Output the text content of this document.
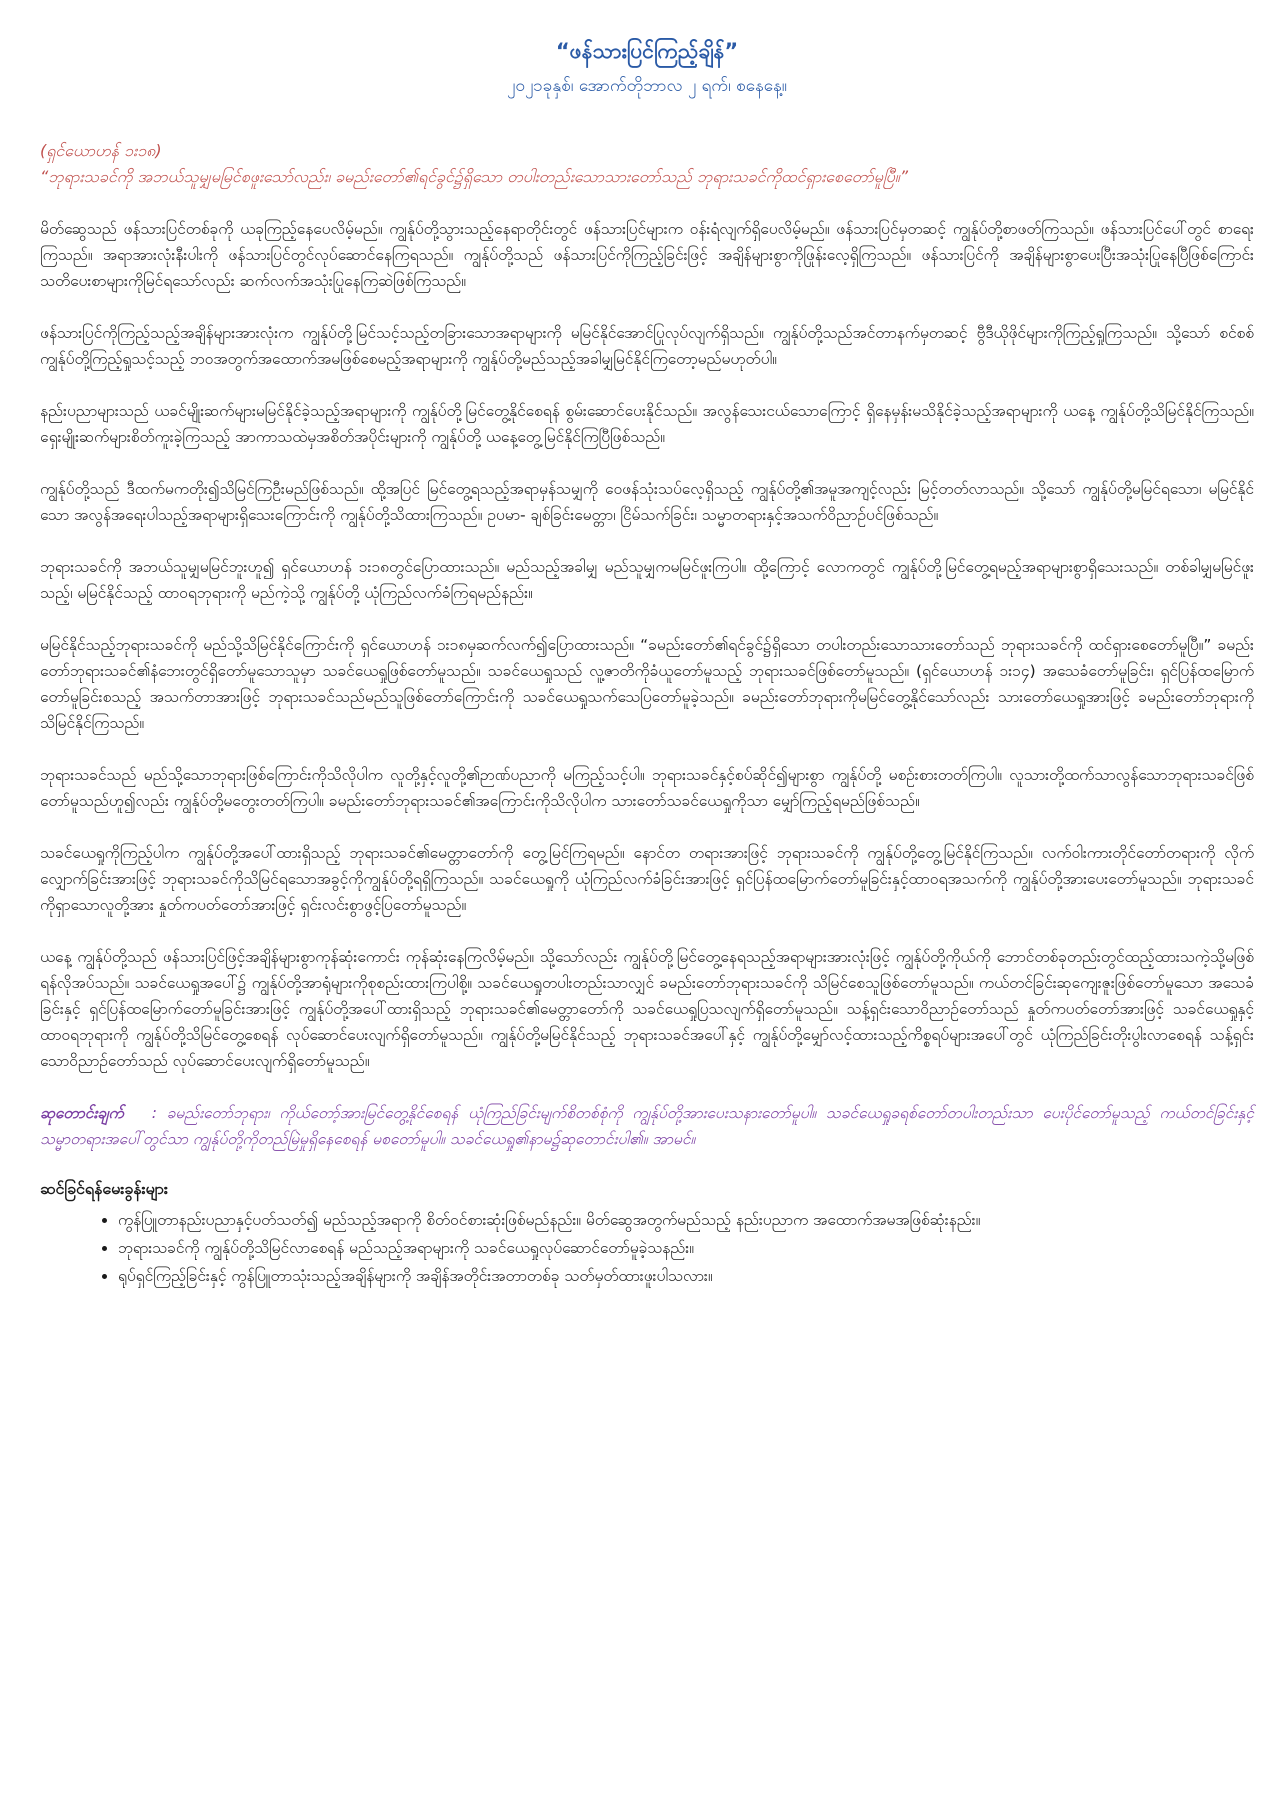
“ဖန်သားပြင်ကြည့်ချိန်”

၂၀၂၁ခုနှစ်၊ အောက်တိုဘာလ ၂ ရက်၊ စနေနေ့။

(ရှင်ယောဟန် ၁း၁၈)

“ဘုရားသခင်ကို အဘယ်သူမျှမမြင်စဖူးသော်လည်း၊ ခမည်းတော်၏ရင်ခွင်၌ရှိသော တပါးတည်းသောသားတော်သည် ဘုရားသခင်ကိုထင်ရှားစေတော်မူပြီ။”

မိတ်ဆွေသည် ဖန်သားပြင်တစ်ခုကို ယခုကြည့်နေပေလိမ့်မည်။ ကျွန်ုပ်တို့သွားသည့်နေရာတိုင်းတွင် ဖန်သားပြင်များက ဝန်းရံလျက်ရှိပေလိမ့်မည်။ ဖန်သားပြင်မှတဆင့် ကျွန်ုပ်တို့စာဖတ်ကြသည်။ ဖန်သားပြင်ပေါ်တွင် စာရေးကြသည်။ အရာအားလုံးနီးပါးကို ဖန်သားပြင်တွင်လုပ်ဆောင်နေကြရသည်။ ကျွန်ုပ်တို့သည် ဖန်သားပြင်ကိုကြည့်ခြင်းဖြင့် အချိန်များစွာကိုဖြုန်းလေ့ရှိကြသည်။ ဖန်သားပြင်ကို အချိန်များစွာပေးပြီးအသုံးပြုနေပြီဖြစ်ကြောင်း သတိပေးစာများကိုမြင်ရသော်လည်း ဆက်လက်အသုံးပြုနေကြဆဲဖြစ်ကြသည်။

ဖန်သားပြင်ကိုကြည့်သည့်အချိန်များအားလုံးက ကျွန်ုပ်တို့မြင်သင့်သည့်တခြားသောအရာများကို မမြင်နိုင်အောင်ပြုလုပ်လျက်ရှိသည်။ ကျွန်ုပ်တို့သည်အင်တာနက်မှတဆင့် ဗွီဒီယိုဖိုင်များကိုကြည့်ရှုကြသည်။ သို့သော် စင်စစ်ကျွန်ုပ်တို့ကြည့်ရှုသင့်သည့် ဘဝအတွက်အထောက်အမဖြစ်စေမည့်အရာများကို ကျွန်ုပ်တို့မည်သည့်အခါမျှမြင်နိုင်ကြတော့မည်မဟုတ်ပါ။

နည်းပညာများသည် ယခင်မျိုးဆက်များမမြင်နိုင်ခဲ့သည့်အရာများကို ကျွန်ုပ်တို့မြင်တွေ့နိုင်စေရန် စွမ်းဆောင်ပေးနိုင်သည်။ အလွန်သေးငယ်သောကြောင့် ရှိနေမှန်းမသိနိုင်ခဲ့သည့်အရာများကို ယနေ့ ကျွန်ုပ်တို့သိမြင်နိုင်ကြသည်။ ရှေးမျိုးဆက်များစိတ်ကူးခဲ့ကြသည့် အာကာသထဲမှအစိတ်အပိုင်းများကို ကျွန်ုပ်တို့ ယနေ့တွေ့မြင်နိုင်ကြပြီဖြစ်သည်။

ကျွန်ုပ်တို့သည် ဒီထက်မကတိုး၍သိမြင်ကြဦးမည်ဖြစ်သည်။ ထို့အပြင် မြင်တွေ့ရသည့်အရာမှန်သမျှကို ဝေဖန်သုံးသပ်လေ့ရှိသည့် ကျွန်ုပ်တို့၏အမူအကျင့်လည်း မြင့်တတ်လာသည်။ သို့သော် ကျွန်ုပ်တို့မမြင်ရသော၊ မမြင်နိုင်သော အလွန်အရေးပါသည့်အရာများရှိသေးကြောင်းကို ကျွန်ုပ်တို့သိထားကြသည်။ ဥပမာ- ချစ်ခြင်းမေတ္တာ၊ ငြိမ်သက်ခြင်း၊ သမ္မာတရားနှင့်အသက်ဝိညာဉ်ပင်ဖြစ်သည်။

ဘုရားသခင်ကို အဘယ်သူမျှမမြင်ဘူးဟူ၍ ရှင်ယောဟန် ၁း၁၈တွင်ပြောထားသည်။ မည်သည့်အခါမျှ မည်သူမျှကမမြင်ဖူးကြပါ။ ထို့ကြောင့် လောကတွင် ကျွန်ုပ်တို့မြင်တွေ့ရမည့်အရာများစွာရှိသေးသည်။ တစ်ခါမျှမမြင်ဖူးသည့်၊ မမြင်နိုင်သည့် ထာဝရဘုရားကို မည်ကဲ့သို့ ကျွန်ုပ်တို့ ယုံကြည်လက်ခံကြရမည်နည်း။

မမြင်နိုင်သည့်ဘုရားသခင်ကို မည်သို့သိမြင်နိုင်ကြောင်းကို ရှင်ယောဟန် ၁း၁၈မှဆက်လက်၍ပြောထားသည်။ “ခမည်းတော်၏ရင်ခွင်၌ရှိသော တပါးတည်းသောသားတော်သည် ဘုရားသခင်ကို ထင်ရှားစေတော်မူပြီ။” ခမည်းတော်ဘုရားသခင်၏နံဘေးတွင်ရှိတော်မူသောသူမှာ သခင်ယေရှုဖြစ်တော်မူသည်။ သခင်ယေရှုသည် လူ့ဇာတိကိုခံယူတော်မူသည့် ဘုရားသခင်ဖြစ်တော်မူသည်။ (ရှင်ယောဟန် ၁း၁၄) အသေခံတော်မူခြင်း၊ ရှင်ပြန်ထမြောက်တော်မူခြင်းစသည့် အသက်တာအားဖြင့် ဘုရားသခင်သည်မည်သူဖြစ်တော်ကြောင်းကို သခင်ယေရှုသက်သေပြတော်မူခဲ့သည်။ ခမည်းတော်ဘုရားကိုမမြင်တွေ့နိုင်သော်လည်း သားတော်ယေရှုအားဖြင့် ခမည်းတော်ဘုရားကို သိမြင်နိုင်ကြသည်။

ဘုရားသခင်သည် မည်သို့သောဘုရားဖြစ်ကြောင်းကိုသိလိုပါက လူတို့နှင့်လူတို့၏ဉာဏ်ပညာကို မကြည့်သင့်ပါ။ ဘုရားသခင်နှင့်စပ်ဆိုင်၍များစွာ ကျွန်ုပ်တို့ မစဉ်းစားတတ်ကြပါ။ လူသားတို့ထက်သာလွန်သောဘုရားသခင်ဖြစ်တော်မူသည်ဟူ၍လည်း ကျွန်ုပ်တို့မတွေးတတ်ကြပါ။ ခမည်းတော်ဘုရားသခင်၏အကြောင်းကိုသိလိုပါက သားတော်သခင်ယေရှုကိုသာ မျှော်ကြည့်ရမည်ဖြစ်သည်။

သခင်ယေရှုကိုကြည့်ပါက ကျွန်ုပ်တို့အပေါ်ထားရှိသည့် ဘုရားသခင်၏မေတ္တာတော်ကို တွေ့မြင်ကြရမည်။ နောင်တ တရားအားဖြင့် ဘုရားသခင်ကို ကျွန်ုပ်တို့တွေ့မြင်နိုင်ကြသည်။ လက်ဝါးကားတိုင်တော်တရားကို လိုက်လျှောက်ခြင်းအားဖြင့် ဘုရားသခင်ကိုသိမြင်ရသောအခွင့်ကိုကျွန်ုပ်တို့ရရှိကြသည်။ သခင်ယေရှုကို ယုံကြည်လက်ခံခြင်းအားဖြင့် ရှင်ပြန်ထမြောက်တော်မူခြင်းနှင့်ထာဝရအသက်ကို ကျွန်ုပ်တို့အားပေးတော်မူသည်။ ဘုရားသခင်ကိုရှာသောလူတို့အား နှုတ်ကပတ်တော်အားဖြင့် ရှင်းလင်းစွာဖွင့်ပြတော်မူသည်။

ယနေ့ ကျွန်ုပ်တို့သည် ဖန်သားပြင်ဖြင့်အချိန်များစွာကုန်ဆုံးကောင်း ကုန်ဆုံးနေကြလိမ့်မည်။ သို့သော်လည်း ကျွန်ုပ်တို့မြင်တွေ့နေရသည့်အရာများအားလုံးဖြင့် ကျွန်ုပ်တို့ကိုယ်ကို ဘောင်တစ်ခုတည်းတွင်ထည့်ထားသကဲ့သို့မဖြစ်ရန်လိုအပ်သည်။ သခင်ယေရှုအပေါ်၌ ကျွန်ုပ်တို့အာရုံများကိုစုစည်းထားကြပါစို့။ သခင်ယေရှုတပါးတည်းသာလျှင် ခမည်းတော်ဘုရားသခင်ကို သိမြင်စေသူဖြစ်တော်မူသည်။ ကယ်တင်ခြင်းဆုကျေးဇူးဖြစ်တော်မူသော အသေခံခြင်းနှင့် ရှင်ပြန်ထမြောက်တော်မူခြင်းအားဖြင့် ကျွန်ုပ်တို့အပေါ်ထားရှိသည့် ဘုရားသခင်၏မေတ္တာတော်ကို သခင်ယေရှုပြသလျက်ရှိတော်မူသည်။ သန့်ရှင်းသောဝိညာဉ်တော်သည် နှုတ်ကပတ်တော်အားဖြင့် သခင်ယေရှုနှင့်ထာဝရဘုရားကို ကျွန်ုပ်တို့သိမြင်တွေ့စေရန် လုပ်ဆောင်ပေးလျက်ရှိတော်မူသည်။ ကျွန်ုပ်တို့မမြင်နိုင်သည့် ဘုရားသခင်အပေါ်နှင့် ကျွန်ုပ်တို့မျှော်လင့်ထားသည့်ကိစ္စရပ်များအပေါ်တွင် ယုံကြည်ခြင်းတိုးပွါးလာစေရန် သန့်ရှင်းသောဝိညာဉ်တော်သည် လုပ်ဆောင်ပေးလျက်ရှိတော်မူသည်။

ဆုတောင်းချက် : ခမည်းတော်ဘုရား၊ ကိုယ်တော့်အားမြင်တွေ့နိုင်စေရန် ယုံကြည်ခြင်းမျက်စိတစ်စုံကို ကျွန်ုပ်တို့အားပေးသနားတော်မူပါ။ သခင်ယေရှုခရစ်တော်တပါးတည်းသာ ပေးပိုင်တော်မူသည့် ကယ်တင်ခြင်းနှင့် သမ္မာတရားအပေါ်တွင်သာ ကျွန်ုပ်တို့ကိုတည်မြဲမှုရှိနေစေရန် မစတော်မူပါ။ သခင်ယေရှု၏နာမ၌ဆုတောင်းပါ၏။ အာမင်။

ဆင်ခြင်ရန်မေးခွန်းများ
• ကွန်ပြူတာနည်းပညာနှင့်ပတ်သတ်၍ မည်သည့်အရာကို စိတ်ဝင်စားဆုံးဖြစ်မည်နည်း။ မိတ်ဆွေအတွက်မည်သည့် နည်းပညာက အထောက်အမအဖြစ်ဆုံးနည်း။
• ဘုရားသခင်ကို ကျွန်ုပ်တို့သိမြင်လာစေရန် မည်သည့်အရာများကို သခင်ယေရှုလုပ်ဆောင်တော်မူခဲ့သနည်း။
• ရုပ်ရှင်ကြည့်ခြင်းနှင့် ကွန်ပြူတာသုံးသည့်အချိန်များကို အချိန်အတိုင်းအတာတစ်ခု သတ်မှတ်ထားဖူးပါသလား။
